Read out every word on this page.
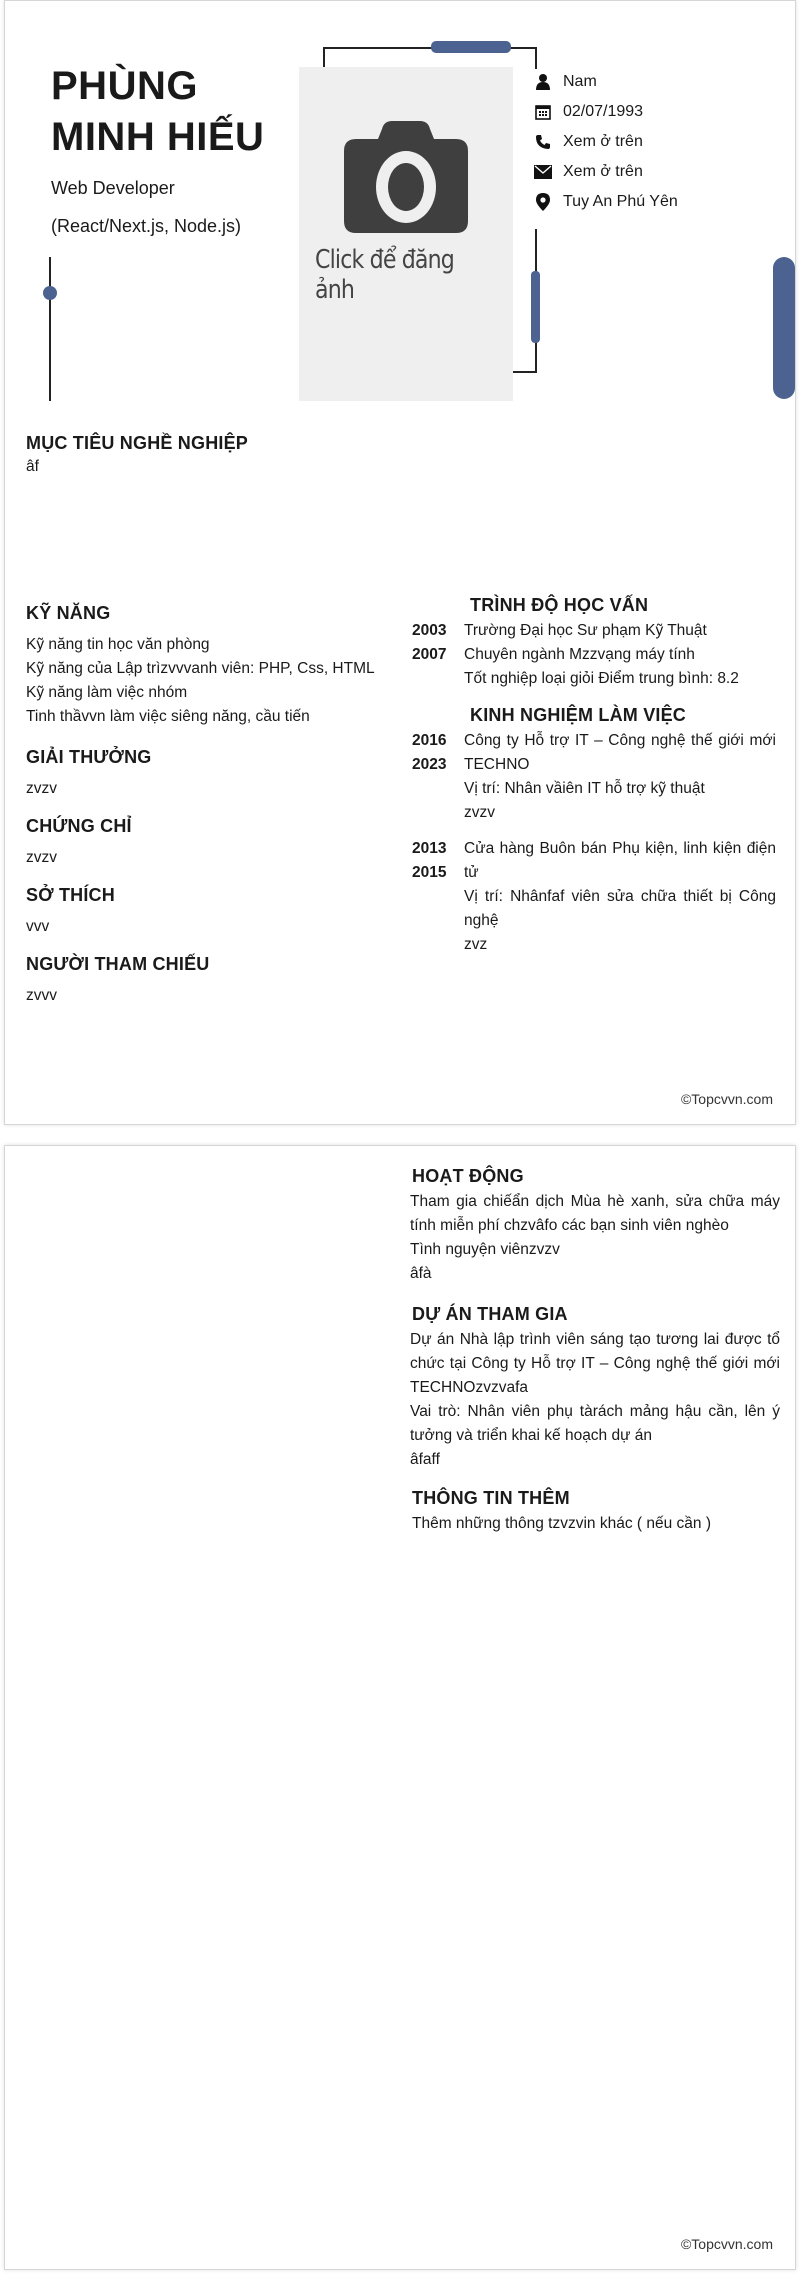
PHÙNG
MINH HIẾU
Web Developer
(React/Next.js, Node.js)
Click để đăng ảnh
Nam
02/07/1993
Xem ở trên
Xem ở trên
Tuy An Phú Yên
MỤC TIÊU NGHỀ NGHIỆP
âf
KỸ NĂNG
Kỹ năng tin học văn phòng
Kỹ năng của Lập trìzvvvanh viên: PHP, Css, HTML
Kỹ năng làm việc nhóm
Tinh thầvvn làm việc siêng năng, cầu tiến
GIẢI THƯỞNG
zvzv
CHỨNG CHỈ
zvzv
SỞ THÍCH
vvv
NGƯỜI THAM CHIẾU
zvvv
TRÌNH ĐỘ HỌC VẤN
2003	Trường Đại học Sư phạm Kỹ Thuật
2007	Chuyên ngành Mzzvạng máy tính
Tốt nghiệp loại giỏi Điểm trung bình: 8.2
KINH NGHIỆM LÀM VIỆC
2016
2023
Công ty Hỗ trợ IT – Công nghệ thế giới mới TECHNO
Vị trí: Nhân vầiên IT hỗ trợ kỹ thuật
zvzv
2013
2015
Cửa hàng Buôn bán Phụ kiện, linh kiện điện tử
Vị trí: Nhânfaf viên sửa chữa thiết bị Công nghệ
zvz
©Topcvvn.com
HOẠT ĐỘNG
Tham gia chiếẩn dịch Mùa hè xanh, sửa chữa máy tính miễn phí chzvâfo các bạn sinh viên nghèo
Tình nguyện viênzvzv
âfà
DỰ ÁN THAM GIA
Dự án Nhà lập trình viên sáng tạo tương lai được tổ chức tại Công ty Hỗ trợ IT – Công nghệ thế giới mới TECHNOzvzvafa
Vai trò: Nhân viên phụ tàrách mảng hậu cần, lên ý tưởng và triển khai kế hoạch dự án
âfaff
THÔNG TIN THÊM
Thêm những thông tzvzvin khác ( nếu cần )
©Topcvvn.com
